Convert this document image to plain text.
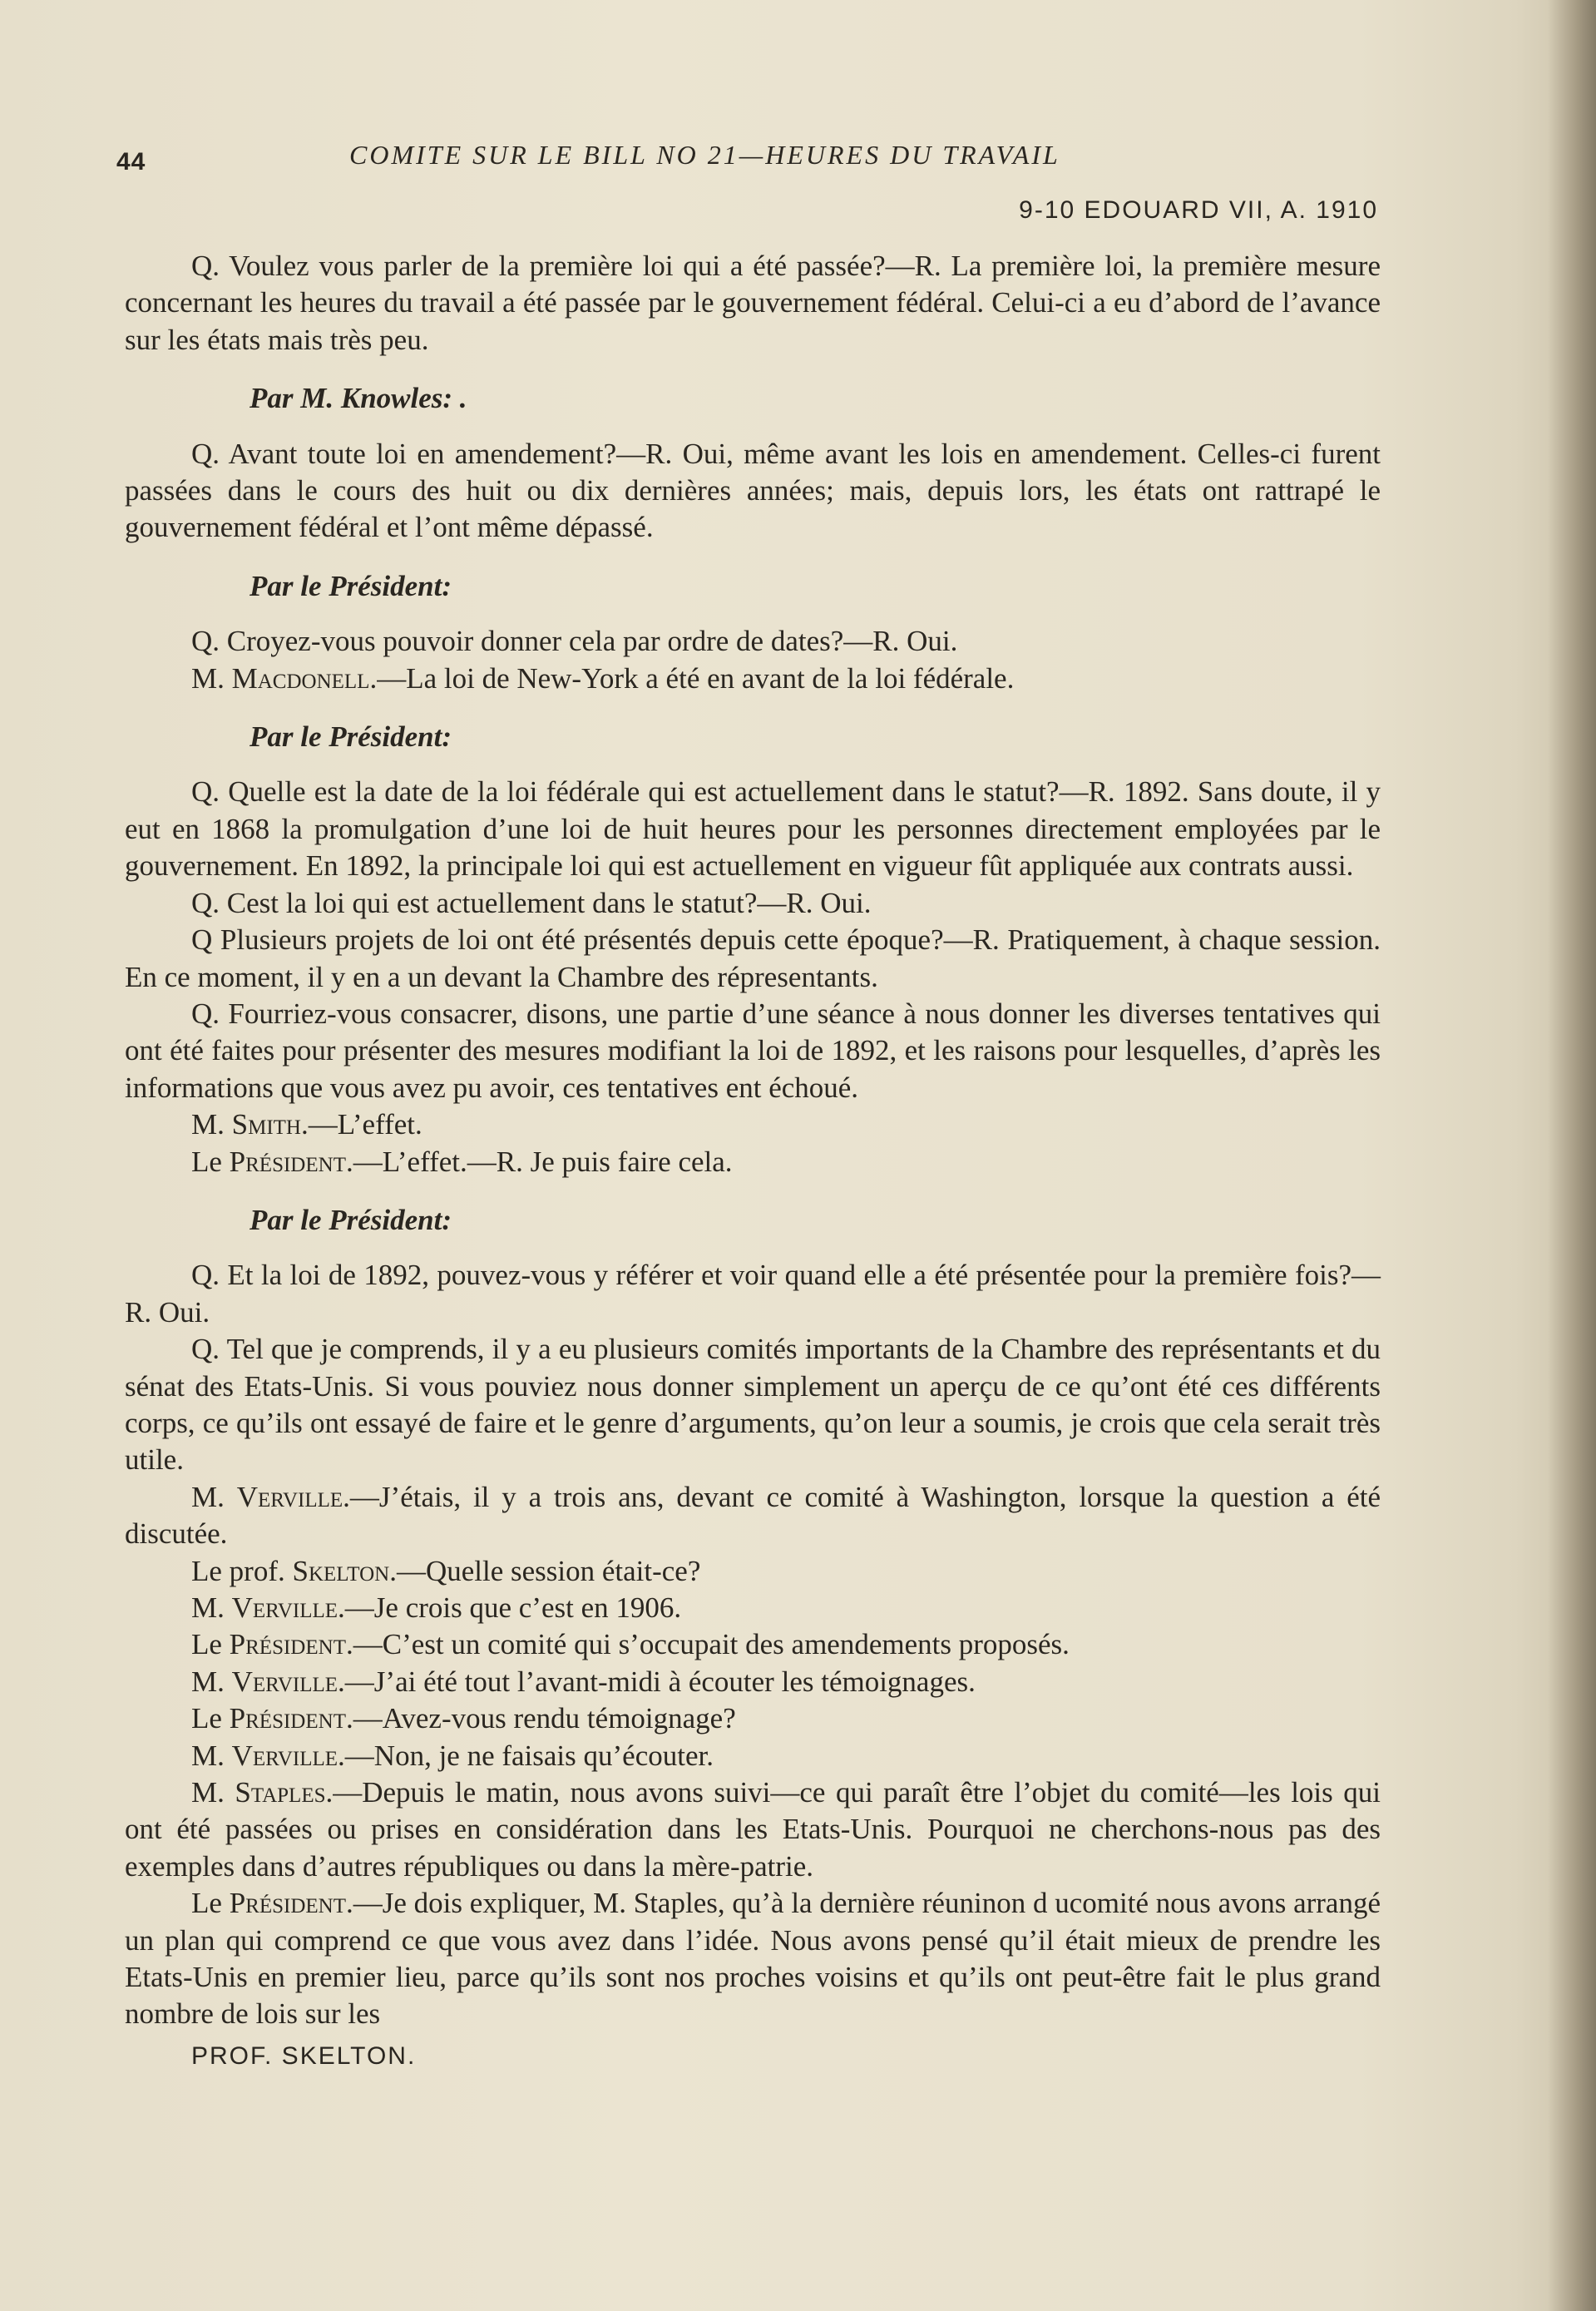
44	COMITE SUR LE BILL NO 21—HEURES DU TRAVAIL
9-10 EDOUARD VII, A. 1910

Q. Voulez vous parler de la première loi qui a été passée?—R. La première loi, la première mesure concernant les heures du travail a été passée par le gouvernement fédéral. Celui-ci a eu d’abord de l’avance sur les états mais très peu.

Par M. Knowles: .

Q. Avant toute loi en amendement?—R. Oui, même avant les lois en amendement. Celles-ci furent passées dans le cours des huit ou dix dernières années; mais, depuis lors, les états ont rattrapé le gouvernement fédéral et l’ont même dépassé.

Par le Président:

Q. Croyez-vous pouvoir donner cela par ordre de dates?—R. Oui.

M. Macdonell.—La loi de New-York a été en avant de la loi fédérale.

Par le Président:

Q. Quelle est la date de la loi fédérale qui est actuellement dans le statut?—R. 1892. Sans doute, il y eut en 1868 la promulgation d’une loi de huit heures pour les personnes directement employées par le gouvernement. En 1892, la principale loi qui est actuellement en vigueur fût appliquée aux contrats aussi.

Q. Cest la loi qui est actuellement dans le statut?—R. Oui.

Q Plusieurs projets de loi ont été présentés depuis cette époque?—R. Pratiquement, à chaque session. En ce moment, il y en a un devant la Chambre des répresentants.

Q. Fourriez-vous consacrer, disons, une partie d’une séance à nous donner les diverses tentatives qui ont été faites pour présenter des mesures modifiant la loi de 1892, et les raisons pour lesquelles, d’après les informations que vous avez pu avoir, ces tentatives ent échoué.

M. Smith.—L’effet.

Le Président.—L’effet.—R. Je puis faire cela.

Par le Président:

Q. Et la loi de 1892, pouvez-vous y référer et voir quand elle a été présentée pour la première fois?—R. Oui.

Q. Tel que je comprends, il y a eu plusieurs comités importants de la Chambre des représentants et du sénat des Etats-Unis. Si vous pouviez nous donner simplement un aperçu de ce qu’ont été ces différents corps, ce qu’ils ont essayé de faire et le genre d’arguments, qu’on leur a soumis, je crois que cela serait très utile.

M. Verville.—J’étais, il y a trois ans, devant ce comité à Washington, lorsque la question a été discutée.

Le prof. Skelton.—Quelle session était-ce?

M. Verville.—Je crois que c’est en 1906.

Le Président.—C’est un comité qui s’occupait des amendements proposés.

M. Verville.—J’ai été tout l’avant-midi à écouter les témoignages.

Le Président.—Avez-vous rendu témoignage?

M. Verville.—Non, je ne faisais qu’écouter.

M. Staples.—Depuis le matin, nous avons suivi—ce qui paraît être l’objet du comité—les lois qui ont été passées ou prises en considération dans les Etats-Unis. Pourquoi ne cherchons-nous pas des exemples dans d’autres républiques ou dans la mère-patrie.

Le Président.—Je dois expliquer, M. Staples, qu’à la dernière réuninon d ucomité nous avons arrangé un plan qui comprend ce que vous avez dans l’idée. Nous avons pensé qu’il était mieux de prendre les Etats-Unis en premier lieu, parce qu’ils sont nos proches voisins et qu’ils ont peut-être fait le plus grand nombre de lois sur les

PROF. SKELTON.
